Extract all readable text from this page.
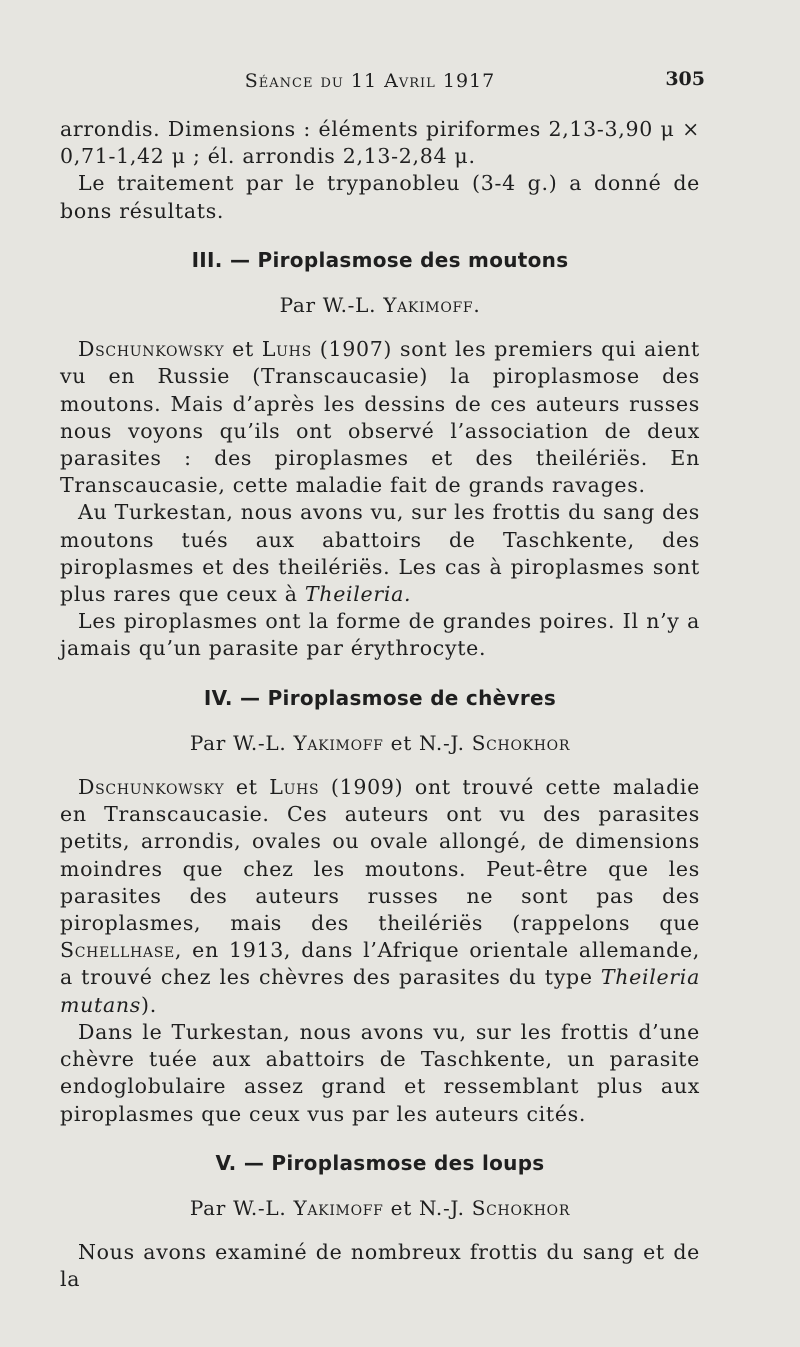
Séance du 11 Avril 1917	305

arrondis. Dimensions : éléments piriformes 2,13-3,90 μ × 0,71-1,42 μ ; él. arrondis 2,13-2,84 μ.

Le traitement par le trypanobleu (3-4 g.) a donné de bons résultats.

III. — Piroplasmose des moutons
Par W.-L. Yakimoff.

Dschunkowsky et Luhs (1907) sont les premiers qui aient vu en Russie (Transcaucasie) la piroplasmose des moutons. Mais d’après les dessins de ces auteurs russes nous voyons qu’ils ont observé l’association de deux parasites : des piroplasmes et des theilériës. En Transcaucasie, cette maladie fait de grands ravages.

Au Turkestan, nous avons vu, sur les frottis du sang des moutons tués aux abattoirs de Taschkente, des piroplasmes et des theilériës. Les cas à piroplasmes sont plus rares que ceux à Theileria.

Les piroplasmes ont la forme de grandes poires. Il n’y a jamais qu’un parasite par érythrocyte.

IV. — Piroplasmose de chèvres
Par W.-L. Yakimoff et N.-J. Schokhor

Dschunkowsky et Luhs (1909) ont trouvé cette maladie en Transcaucasie. Ces auteurs ont vu des parasites petits, arrondis, ovales ou ovale allongé, de dimensions moindres que chez les moutons. Peut-être que les parasites des auteurs russes ne sont pas des piroplasmes, mais des theilériës (rappelons que Schellhase, en 1913, dans l’Afrique orientale allemande, a trouvé chez les chèvres des parasites du type Theileria mutans).

Dans le Turkestan, nous avons vu, sur les frottis d’une chèvre tuée aux abattoirs de Taschkente, un parasite endoglobulaire assez grand et ressemblant plus aux piroplasmes que ceux vus par les auteurs cités.

V. — Piroplasmose des loups
Par W.-L. Yakimoff et N.-J. Schokhor

Nous avons examiné de nombreux frottis du sang et de la
